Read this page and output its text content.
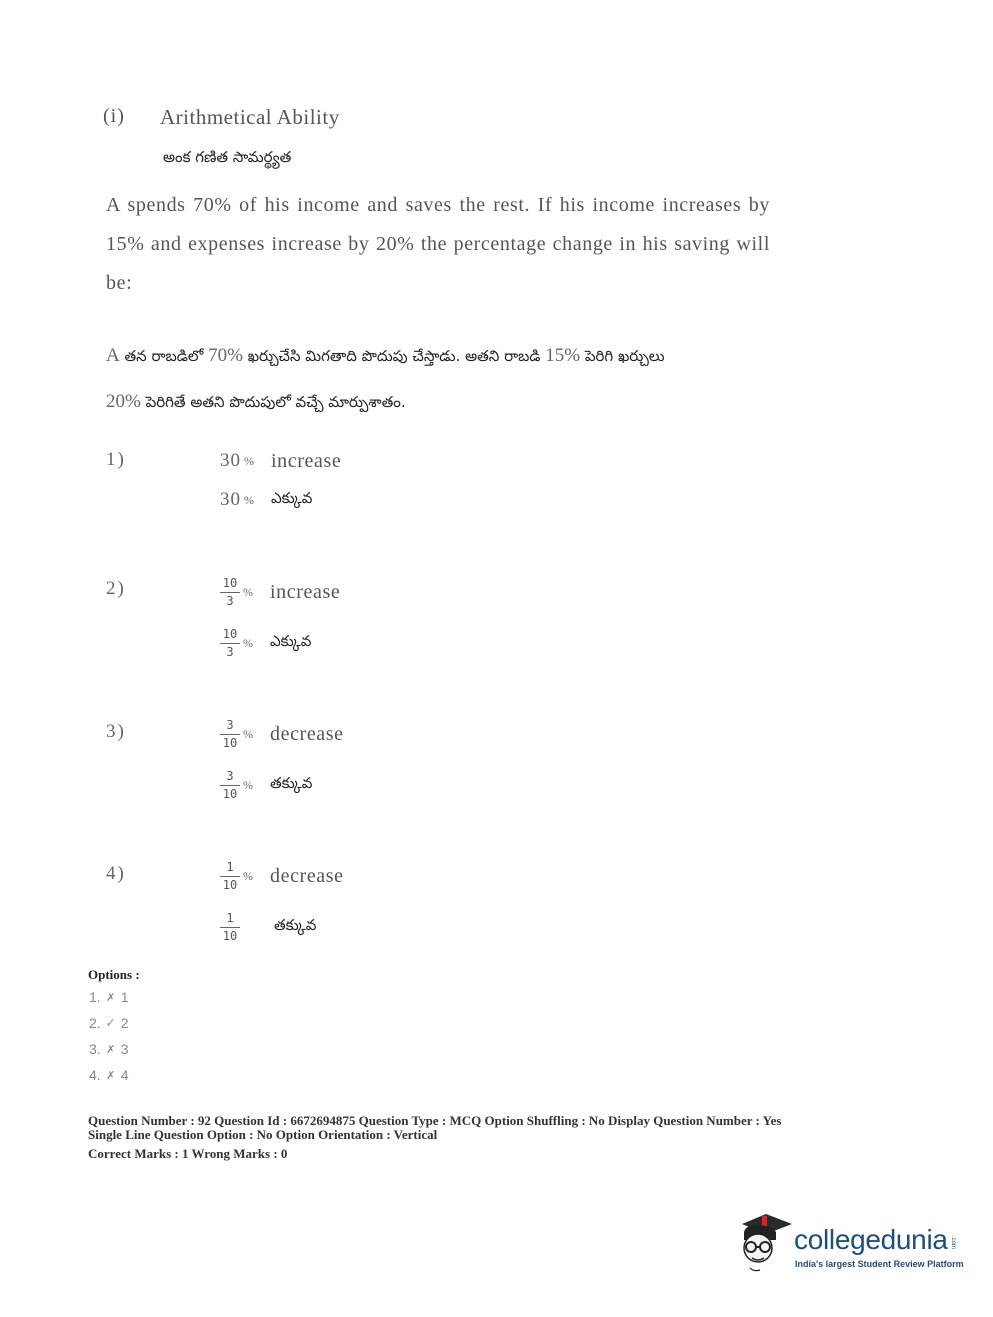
(i) Arithmetical Ability
అంక గణిత సామర్థ్యత
A spends 70% of his income and saves the rest. If his income increases by 15% and expenses increase by 20% the percentage change in his saving will be:
A తన రాబడిలో 70% ఖర్చుచేసి మిగతాది పొదుపు చేస్తాడు. అతని రాబడి 15% పెరిగి ఖర్చులు
20% పెరిగితే అతని పొదుపులో వచ్చే మార్పుశాతం.
1)	30 % increase
30 % ఎక్కువ
2)	$\frac{10}{3}$ % increase
$\frac{10}{3}$ % ఎక్కువ
3)	$\frac{3}{10}$ % decrease
$\frac{3}{10}$ % తక్కువ
4)	$\frac{1}{10}$ % decrease
$\frac{1}{10}$ తక్కువ
Options :
1. ✗ 1
2. ✓ 2
3. ✗ 3
4. ✗ 4
Question Number : 92 Question Id : 6672694875 Question Type : MCQ Option Shuffling : No Display Question Number : Yes
Single Line Question Option : No Option Orientation : Vertical
Correct Marks : 1 Wrong Marks : 0
collegedunia .com
India's largest Student Review Platform
